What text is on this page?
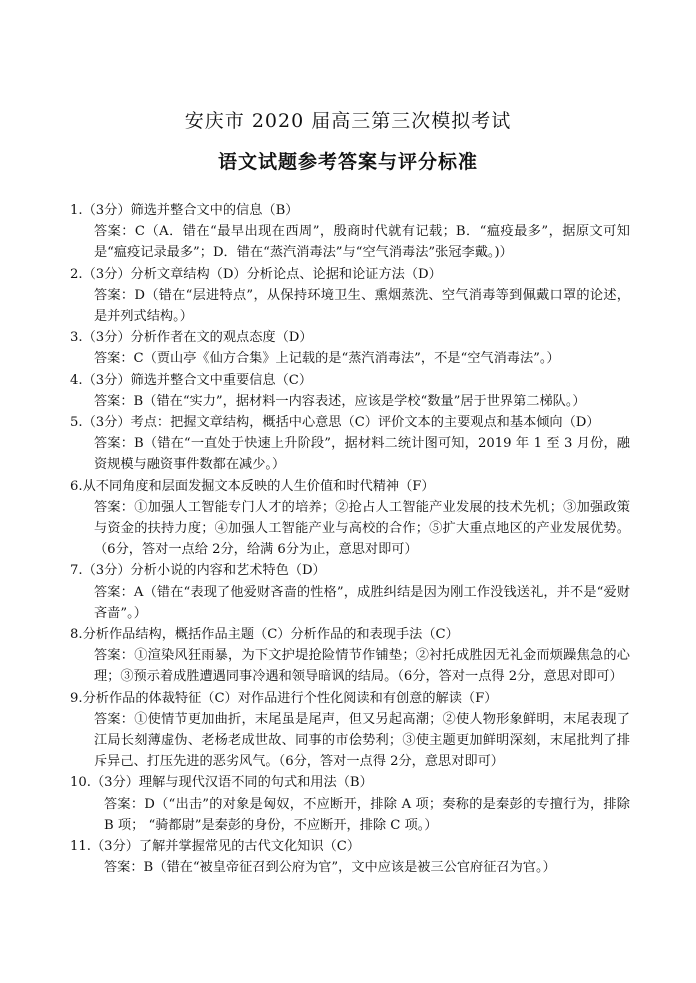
安庆市 2020 届高三第三次模拟考试
语文试题参考答案与评分标准

1.（3分）筛选并整合文中的信息（B）

答案：C（A．错在“最早出现在西周”，殷商时代就有记载；B．“瘟疫最多”，据原文可知是“瘟疫记录最多”；D．错在“蒸汽消毒法”与“空气消毒法”张冠李戴。)）

2.（3分）分析文章结构（D）分析论点、论据和论证方法（D）

答案：D（错在“层进特点”，从保持环境卫生、熏烟蒸洗、空气消毒等到佩戴口罩的论述，是并列式结构。）

3.（3分）分析作者在文的观点态度（D）

答案：C（贾山亭《仙方合集》上记载的是“蒸汽消毒法”，不是“空气消毒法”。）

4.（3分）筛选并整合文中重要信息（C）

答案：B（错在“实力”，据材料一内容表述，应该是学校“数量”居于世界第二梯队。）

5.（3分）考点：把握文章结构，概括中心意思（C）评价文本的主要观点和基本倾向（D）

答案：B（错在“一直处于快速上升阶段”，据材料二统计图可知，2019 年 1 至 3 月份，融资规模与融资事件数都在减少。）

6.从不同角度和层面发掘文本反映的人生价值和时代精神（F）

答案：①加强人工智能专门人才的培养；②抢占人工智能产业发展的技术先机；③加强政策与资金的扶持力度；④加强人工智能产业与高校的合作；⑤扩大重点地区的产业发展优势。（6分，答对一点给 2分，给满 6分为止，意思对即可）

7.（3分）分析小说的内容和艺术特色（D）

答案：A（错在“表现了他爱财吝啬的性格”，成胜纠结是因为刚工作没钱送礼，并不是“爱财吝啬”。）

8.分析作品结构，概括作品主题（C）分析作品的和表现手法（C）

答案：①渲染风狂雨暴，为下文护堤抢险情节作铺垫；②衬托成胜因无礼金而烦躁焦急的心理；③预示着成胜遭遇同事冷遇和领导暗讽的结局。（6分，答对一点得 2分，意思对即可）

9.分析作品的体裁特征（C）对作品进行个性化阅读和有创意的解读（F）

答案：①使情节更加曲折，末尾虽是尾声，但又另起高潮；②使人物形象鲜明，末尾表现了江局长刻薄虚伪、老杨老成世故、同事的市侩势利；③使主题更加鲜明深刻，末尾批判了排斥异己、打压先进的恶劣风气。（6分，答对一点得 2分，意思对即可）

10.（3分）理解与现代汉语不同的句式和用法（B）

答案：D（“出击”的对象是匈奴，不应断开，排除 A 项；奏称的是秦彭的专擅行为，排除 B 项； “骑都尉”是秦彭的身份，不应断开，排除 C 项。）

11.（3分）了解并掌握常见的古代文化知识（C）

答案：B（错在“被皇帝征召到公府为官”，文中应该是被三公官府征召为官。）
